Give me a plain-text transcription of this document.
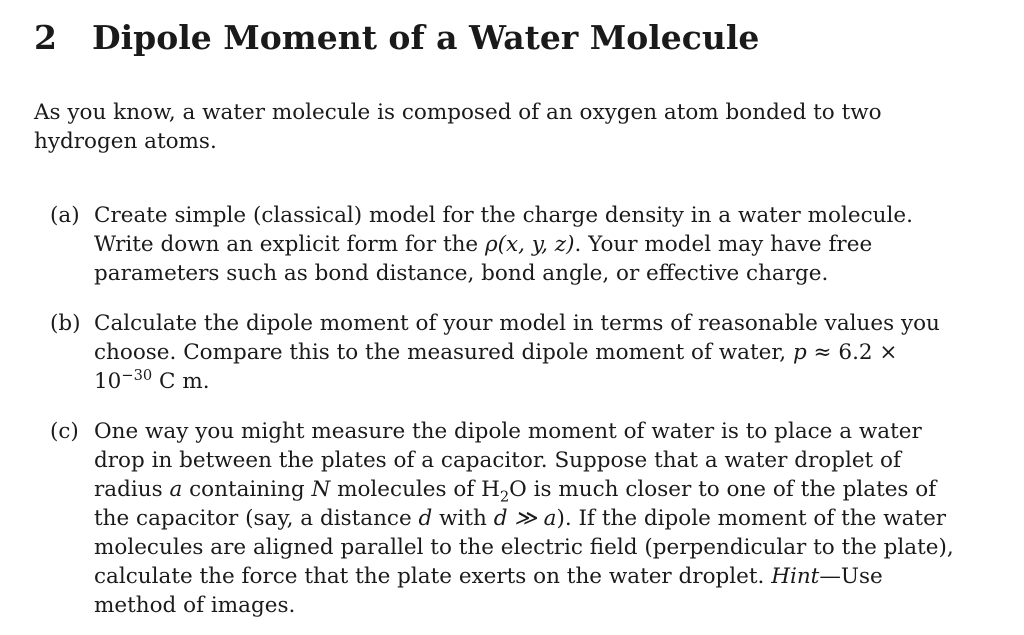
2 Dipole Moment of a Water Molecule
As you know, a water molecule is composed of an oxygen atom bonded to two hydrogen atoms.
(a) Create simple (classical) model for the charge density in a water molecule. Write down an explicit form for the ρ(x, y, z). Your model may have free parameters such as bond distance, bond angle, or effective charge.
(b) Calculate the dipole moment of your model in terms of reasonable values you choose. Compare this to the measured dipole moment of water, $p \approx 6.2 \times 10^{-30}$ C m.
(c) One way you might measure the dipole moment of water is to place a water drop in between the plates of a capacitor. Suppose that a water droplet of radius a containing N molecules of $H_2O$ is much closer to one of the plates of the capacitor (say, a distance d with d ≫ a). If the dipole moment of the water molecules are aligned parallel to the electric field (perpendicular to the plate), calculate the force that the plate exerts on the water droplet. Hint—Use method of images.
